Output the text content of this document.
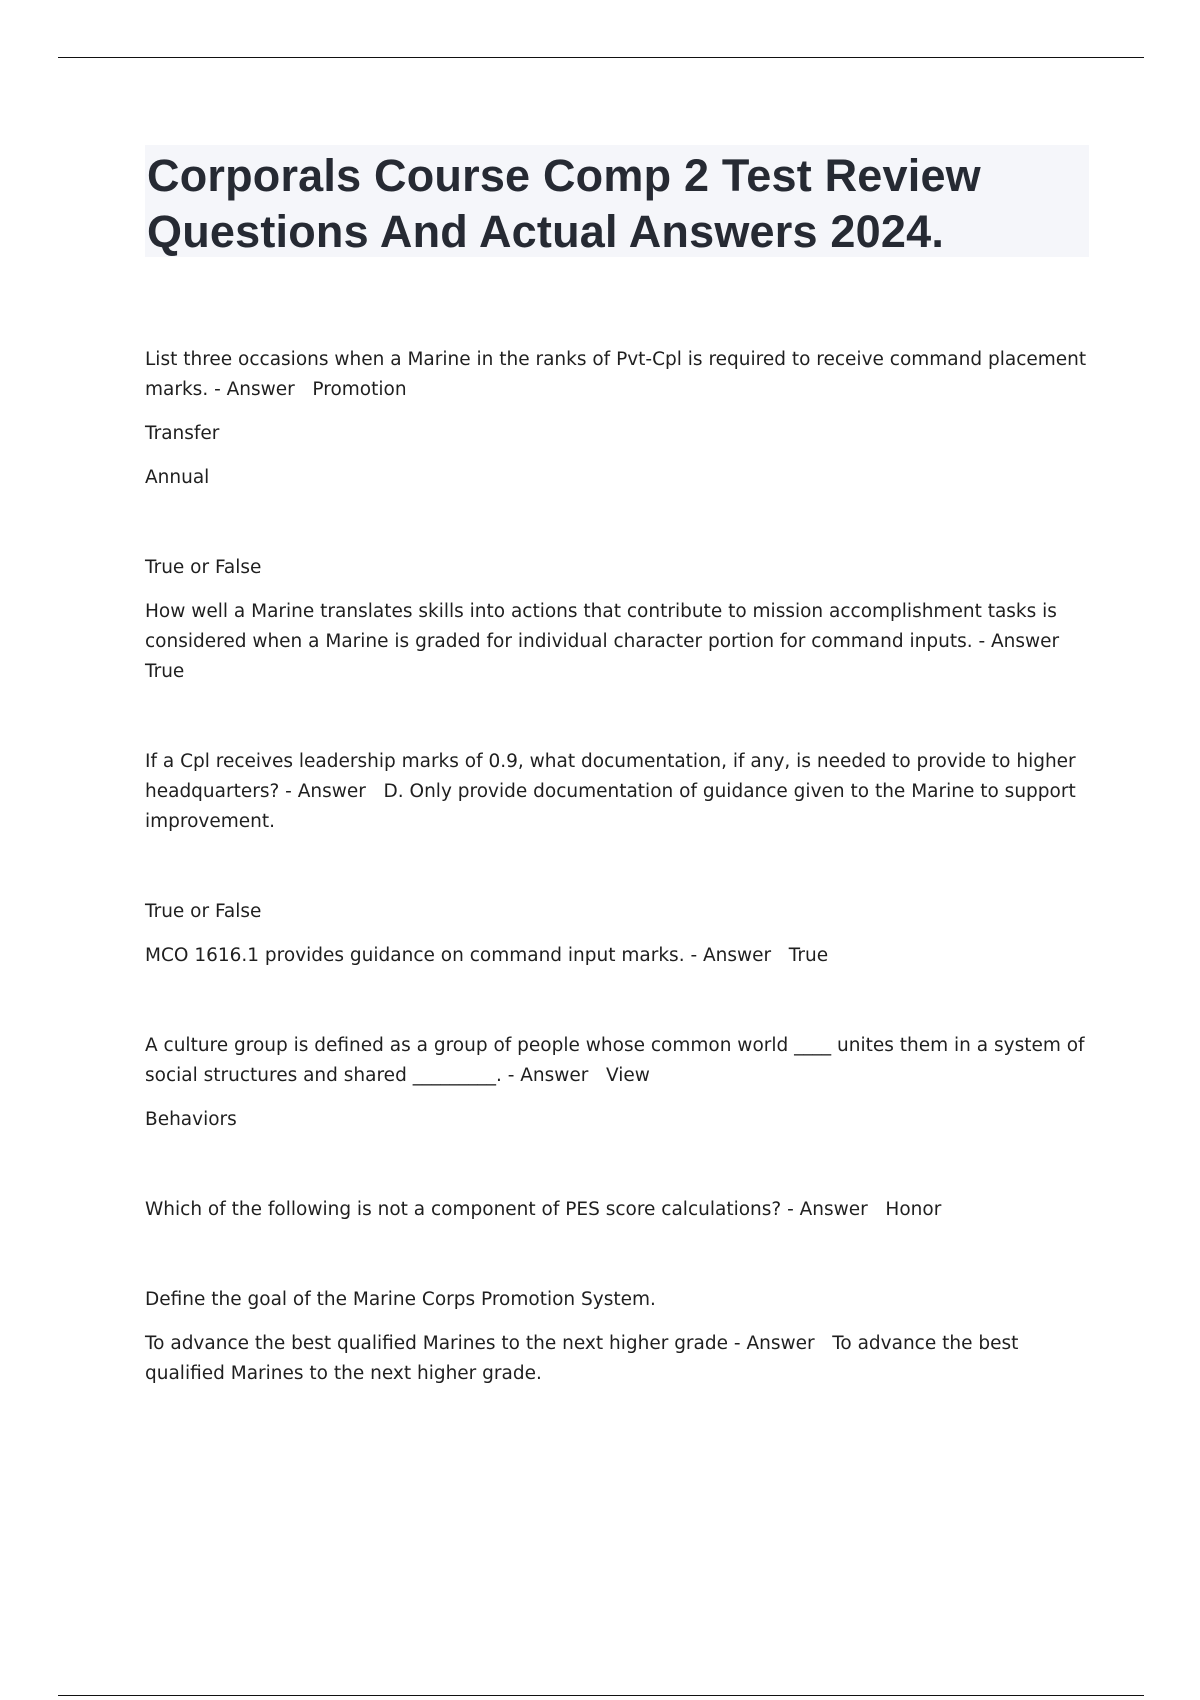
Corporals Course Comp 2 Test Review Questions And Actual Answers 2024.

List three occasions when a Marine in the ranks of Pvt-Cpl is required to receive command placement marks. - Answer   Promotion

Transfer

Annual

True or False

How well a Marine translates skills into actions that contribute to mission accomplishment tasks is considered when a Marine is graded for individual character portion for command inputs. - Answer   True

If a Cpl receives leadership marks of 0.9, what documentation, if any, is needed to provide to higher headquarters? - Answer   D. Only provide documentation of guidance given to the Marine to support improvement.

True or False

MCO 1616.1 provides guidance on command input marks. - Answer   True

A culture group is defined as a group of people whose common world ____ unites them in a system of social structures and shared _________. - Answer   View

Behaviors

Which of the following is not a component of PES score calculations? - Answer   Honor

Define the goal of the Marine Corps Promotion System.

To advance the best qualified Marines to the next higher grade - Answer   To advance the best qualified Marines to the next higher grade.
